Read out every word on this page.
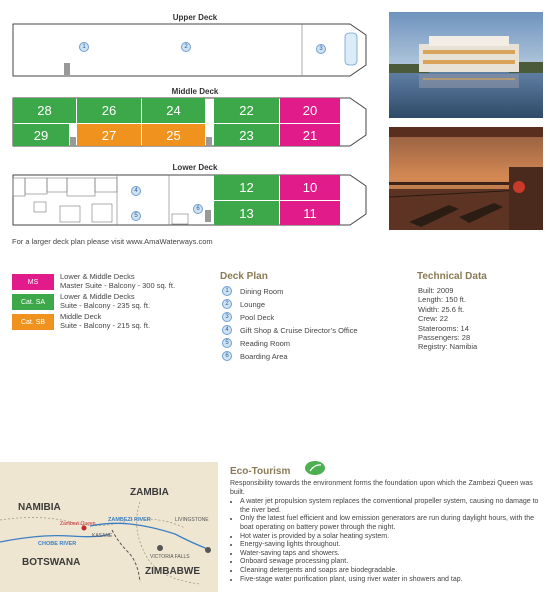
Upper Deck
1	2	3
Middle Deck
28	26	24	22	20
29	27	25	23	21
Lower Deck
12	10
13	11
4
5
6
For a larger deck plan please visit www.AmaWaterways.com
MS
Lower & Middle Decks
Master Suite - Balcony - 300 sq. ft.
Cat. SA
Lower & Middle Decks
Suite - Balcony - 235 sq. ft.
Cat. SB
Middle Deck
Suite - Balcony - 215 sq. ft.
Deck Plan
1	Dining Room
2	Lounge
3	Pool Deck
4	Gift Shop & Cruise Director’s Office
5	Reading Room
6	Boarding Area
Technical Data
Built: 2009
Length: 150 ft.
Width: 25.6 ft.
Crew: 22
Staterooms: 14
Passengers: 28
Registry: Namibia
NAMIBIA
ZAMBIA
BOTSWANA
ZIMBABWE
Zambezi Queen
ZAMBEZI RIVER
CHOBE RIVER
KASANE
LIVINGSTONE
VICTORIA FALLS
Eco-Tourism
Responsibility towards the environment forms the foundation upon which the Zambezi Queen was built.
• A water jet propulsion system replaces the conventional propeller system, causing no damage to the river bed.
• Only the latest fuel efficient and low emission generators are run during daylight hours, with the boat operating on battery power through the night.
• Hot water is provided by a solar heating system.
• Energy-saving lights throughout.
• Water-saving taps and showers.
• Onboard sewage processing plant.
• Cleaning detergents and soaps are biodegradable.
• Five-stage water purification plant, using river water in showers and tap.
